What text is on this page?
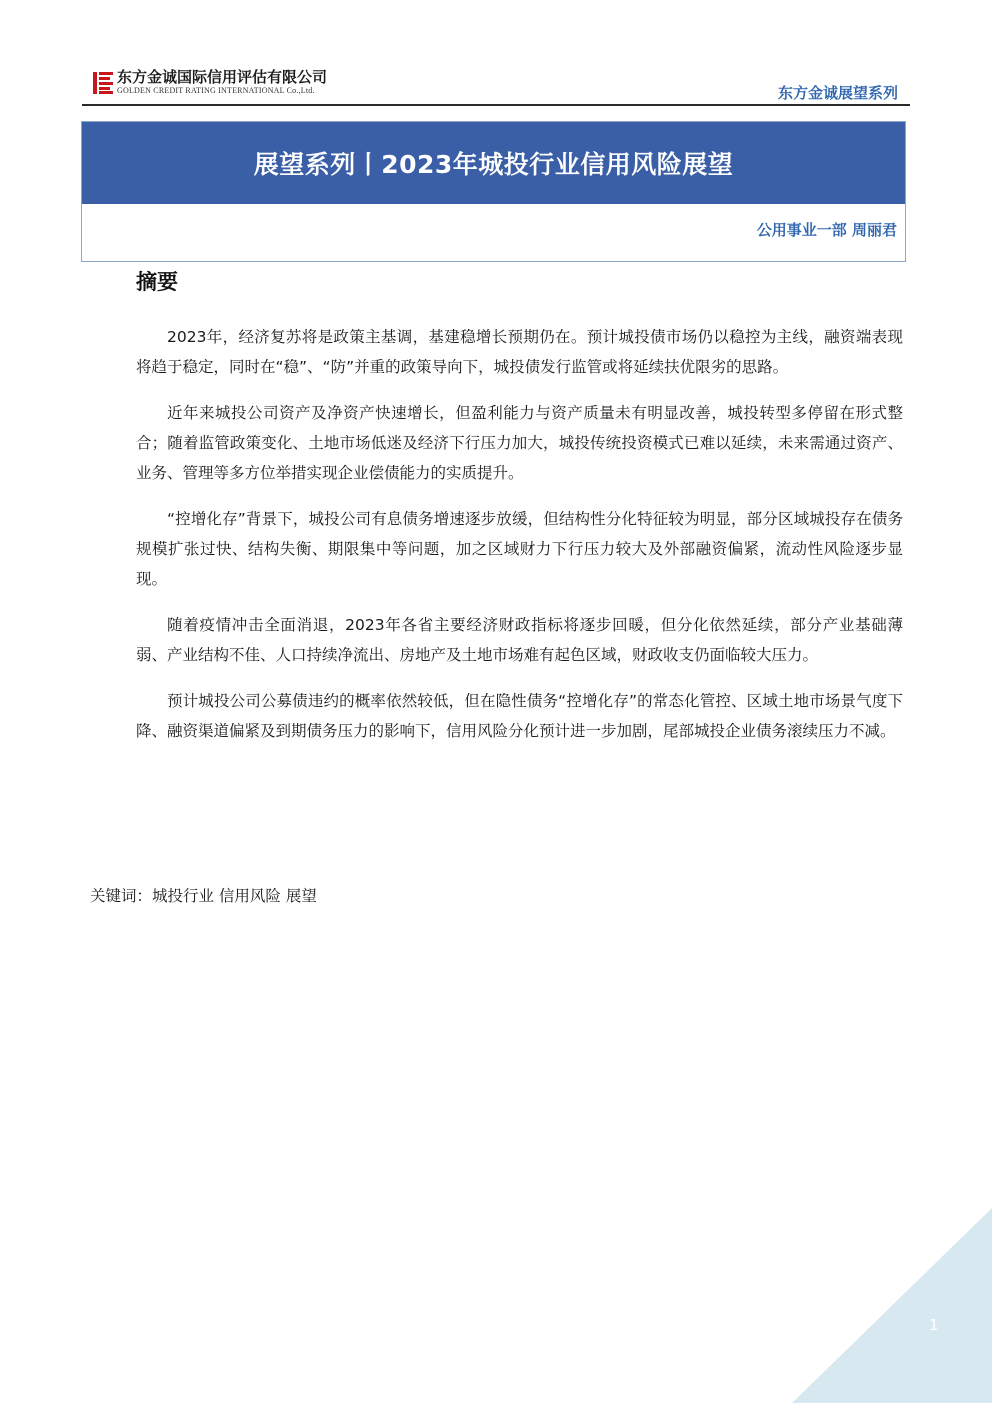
东方金诚国际信用评估有限公司
GOLDEN CREDIT RATING INTERNATIONAL Co.,Ltd.	东方金诚展望系列
展望系列丨2023年城投行业信用风险展望
公用事业一部 周丽君
摘要

2023年，经济复苏将是政策主基调，基建稳增长预期仍在。预计城投债市场仍以稳控为主线，融资端表现将趋于稳定，同时在“稳”、“防”并重的政策导向下，城投债发行监管或将延续扶优限劣的思路。

近年来城投公司资产及净资产快速增长，但盈利能力与资产质量未有明显改善，城投转型多停留在形式整合；随着监管政策变化、土地市场低迷及经济下行压力加大，城投传统投资模式已难以延续，未来需通过资产、业务、管理等多方位举措实现企业偿债能力的实质提升。

“控增化存”背景下，城投公司有息债务增速逐步放缓，但结构性分化特征较为明显，部分区域城投存在债务规模扩张过快、结构失衡、期限集中等问题，加之区域财力下行压力较大及外部融资偏紧，流动性风险逐步显现。

随着疫情冲击全面消退，2023年各省主要经济财政指标将逐步回暖，但分化依然延续，部分产业基础薄弱、产业结构不佳、人口持续净流出、房地产及土地市场难有起色区域，财政收支仍面临较大压力。

预计城投公司公募债违约的概率依然较低，但在隐性债务“控增化存”的常态化管控、区域土地市场景气度下降、融资渠道偏紧及到期债务压力的影响下，信用风险分化预计进一步加剧，尾部城投企业债务滚续压力不减。

关键词：城投行业 信用风险 展望
1
